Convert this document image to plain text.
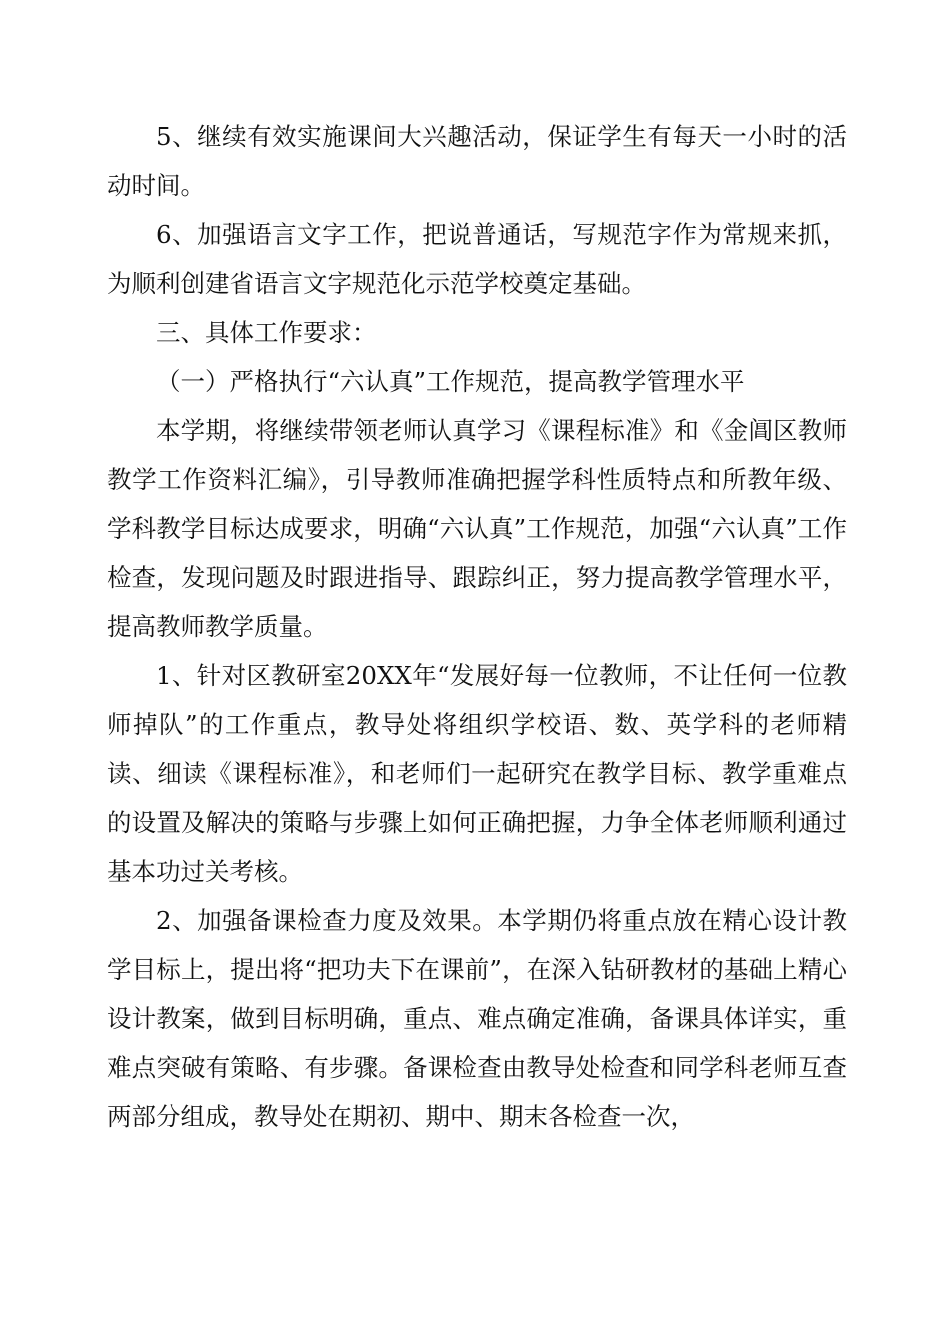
5、继续有效实施课间大兴趣活动，保证学生有每天一小时的活动时间。

6、加强语言文字工作，把说普通话，写规范字作为常规来抓，为顺利创建省语言文字规范化示范学校奠定基础。

三、具体工作要求：

（一）严格执行“六认真”工作规范，提高教学管理水平

本学期，将继续带领老师认真学习《课程标准》和《金阊区教师教学工作资料汇编》，引导教师准确把握学科性质特点和所教年级、学科教学目标达成要求，明确“六认真”工作规范，加强“六认真”工作检查，发现问题及时跟进指导、跟踪纠正，努力提高教学管理水平，提高教师教学质量。

1、针对区教研室20XX年“发展好每一位教师，不让任何一位教师掉队”的工作重点，教导处将组织学校语、数、英学科的老师精读、细读《课程标准》，和老师们一起研究在教学目标、教学重难点的设置及解决的策略与步骤上如何正确把握，力争全体老师顺利通过基本功过关考核。

2、加强备课检查力度及效果。本学期仍将重点放在精心设计教学目标上，提出将“把功夫下在课前”，在深入钻研教材的基础上精心设计教案，做到目标明确，重点、难点确定准确，备课具体详实，重难点突破有策略、有步骤。备课检查由教导处检查和同学科老师互查两部分组成，教导处在期初、期中、期末各检查一次，
